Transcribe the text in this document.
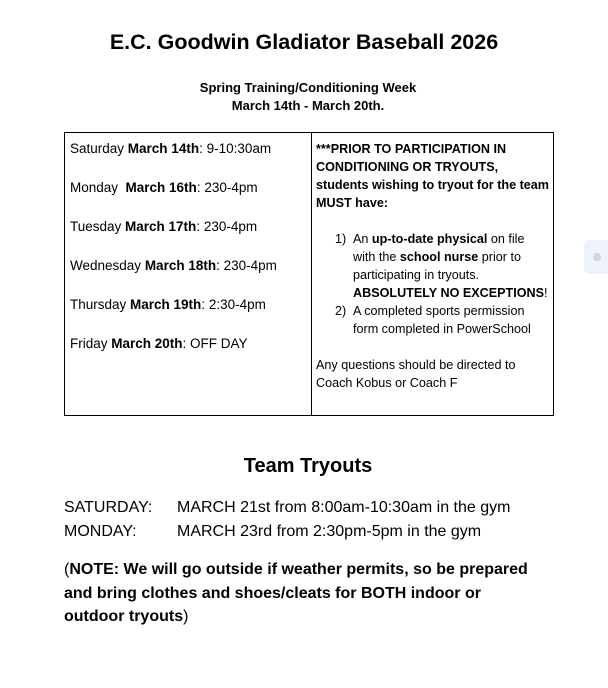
E.C. Goodwin Gladiator Baseball 2026
Spring Training/Conditioning Week
March 14th - March 20th.
Saturday March 14th: 9-10:30am
Monday  March 16th: 230-4pm
Tuesday March 17th: 230-4pm
Wednesday March 18th: 230-4pm
Thursday March 19th: 2:30-4pm
Friday March 20th: OFF DAY

***PRIOR TO PARTICIPATION IN CONDITIONING OR TRYOUTS, students wishing to tryout for the team MUST have:
1) An up-to-date physical on file with the school nurse prior to participating in tryouts. ABSOLUTELY NO EXCEPTIONS!
2) A completed sports permission form completed in PowerSchool
Any questions should be directed to Coach Kobus or Coach F
Team Tryouts
SATURDAY: MARCH 21st from 8:00am-10:30am in the gym
MONDAY:	MARCH 23rd from 2:30pm-5pm in the gym
(NOTE: We will go outside if weather permits, so be prepared and bring clothes and shoes/cleats for BOTH indoor or outdoor tryouts)
